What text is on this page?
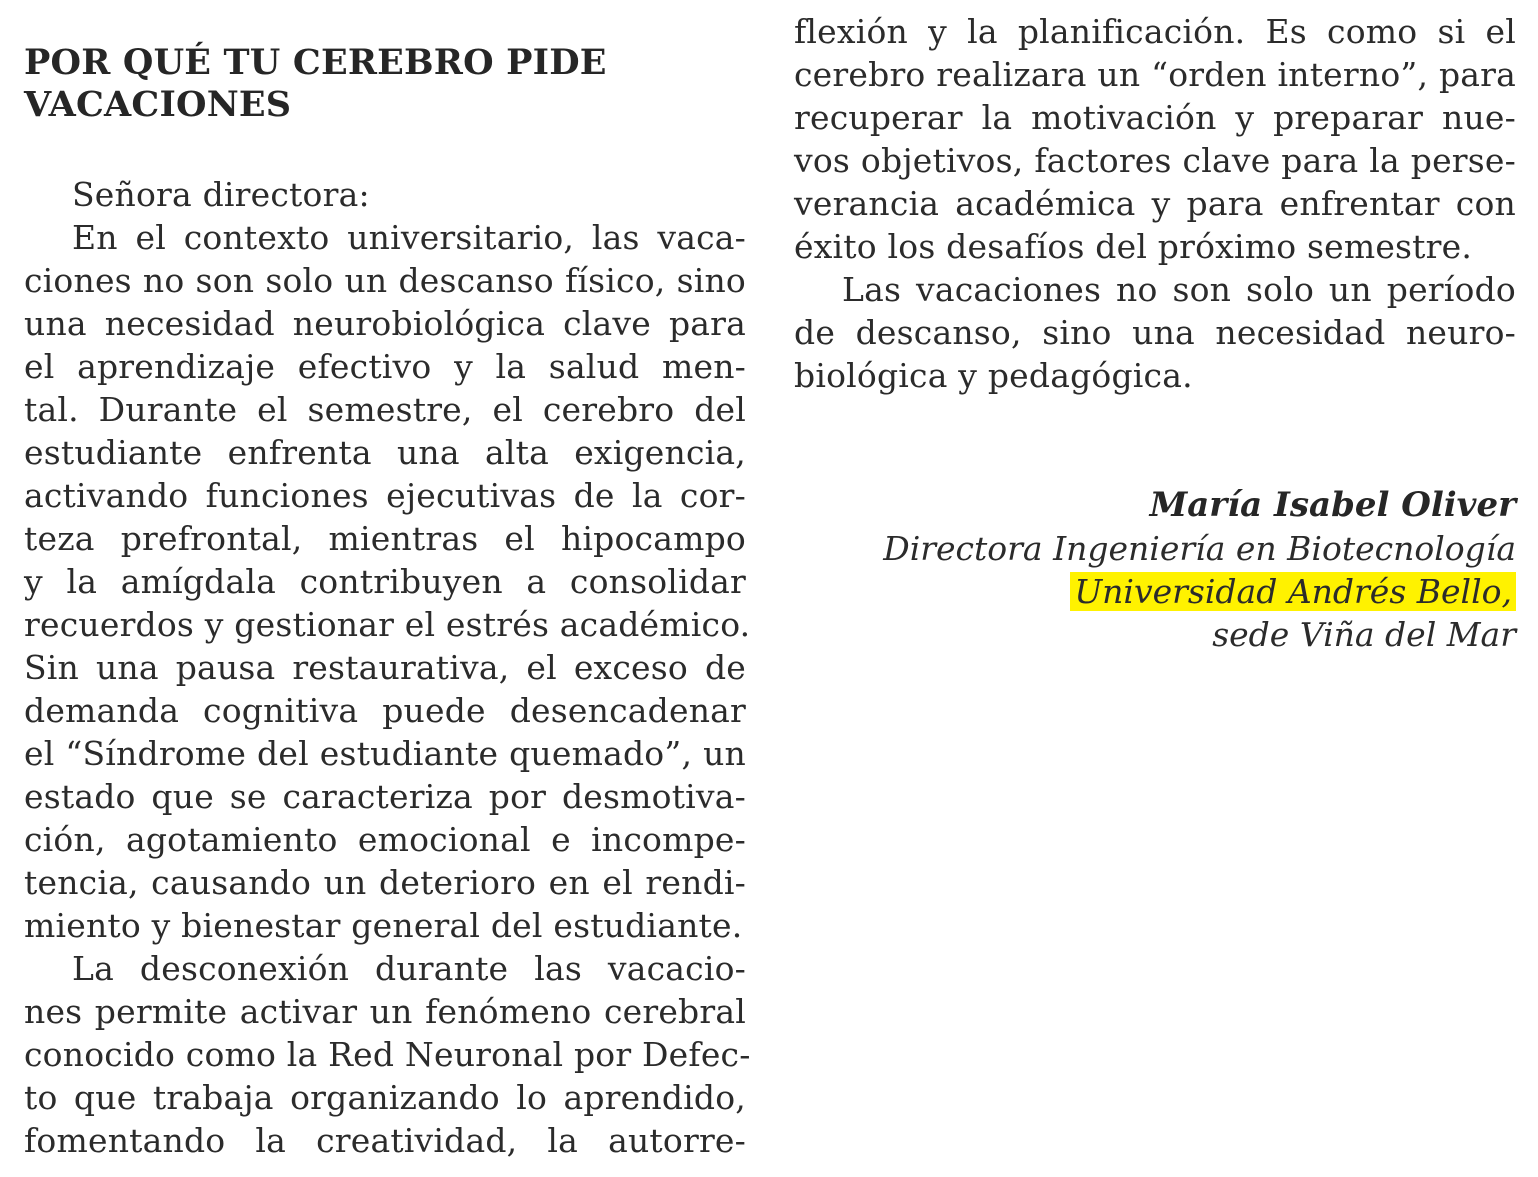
POR QUÉ TU CEREBRO PIDE
VACACIONES
Señora directora:
En el contexto universitario, las vaca-
ciones no son solo un descanso físico, sino
una necesidad neurobiológica clave para
el aprendizaje efectivo y la salud men-
tal. Durante el semestre, el cerebro del
estudiante enfrenta una alta exigencia,
activando funciones ejecutivas de la cor-
teza prefrontal, mientras el hipocampo
y la amígdala contribuyen a consolidar
recuerdos y gestionar el estrés académico.
Sin una pausa restaurativa, el exceso de
demanda cognitiva puede desencadenar
el “Síndrome del estudiante quemado”, un
estado que se caracteriza por desmotiva-
ción, agotamiento emocional e incompe-
tencia, causando un deterioro en el rendi-
miento y bienestar general del estudiante.
La desconexión durante las vacacio-
nes permite activar un fenómeno cerebral
conocido como la Red Neuronal por Defec-
to que trabaja organizando lo aprendido,
fomentando la creatividad, la autorre-
flexión y la planificación. Es como si el
cerebro realizara un “orden interno”, para
recuperar la motivación y preparar nue-
vos objetivos, factores clave para la perse-
verancia académica y para enfrentar con
éxito los desafíos del próximo semestre.
Las vacaciones no son solo un período
de descanso, sino una necesidad neuro-
biológica y pedagógica.
María Isabel Oliver
Directora Ingeniería en Biotecnología
Universidad Andrés Bello,
sede Viña del Mar
